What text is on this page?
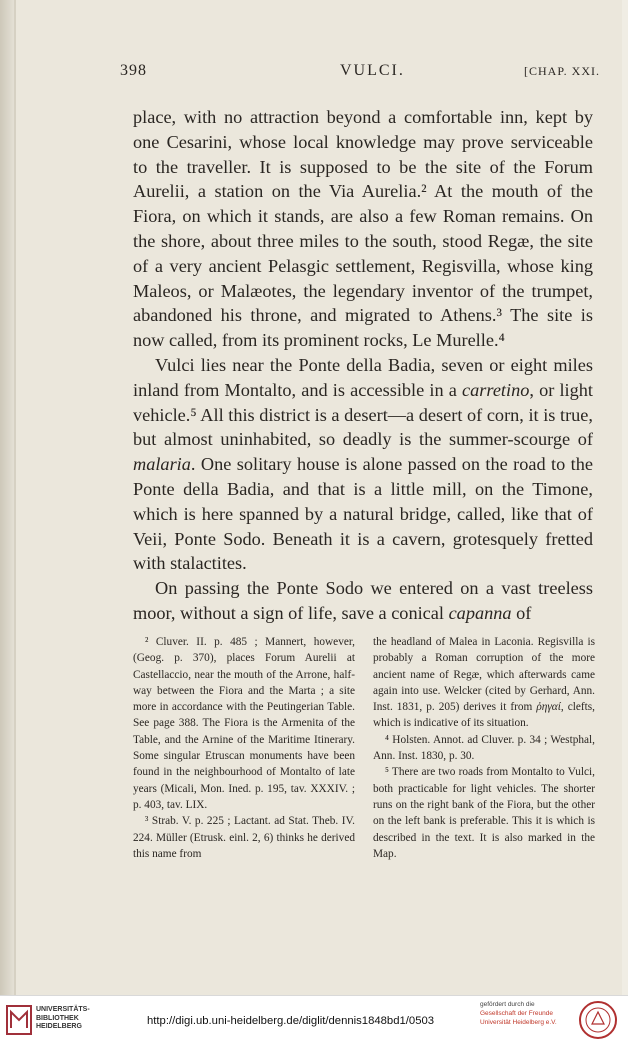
398	VULCI.	[CHAP. XXI.

place, with no attraction beyond a comfortable inn, kept by one Cesarini, whose local knowledge may prove serviceable to the traveller. It is supposed to be the site of the Forum Aurelii, a station on the Via Aurelia.² At the mouth of the Fiora, on which it stands, are also a few Roman remains. On the shore, about three miles to the south, stood Regæ, the site of a very ancient Pelasgic settlement, Regisvilla, whose king Maleos, or Malæotes, the legendary inventor of the trumpet, abandoned his throne, and migrated to Athens.³ The site is now called, from its prominent rocks, Le Murelle.⁴

Vulci lies near the Ponte della Badia, seven or eight miles inland from Montalto, and is accessible in a carretino, or light vehicle.⁵ All this district is a desert—a desert of corn, it is true, but almost uninhabited, so deadly is the summer-scourge of malaria. One solitary house is alone passed on the road to the Ponte della Badia, and that is a little mill, on the Timone, which is here spanned by a natural bridge, called, like that of Veii, Ponte Sodo. Beneath it is a cavern, grotesquely fretted with stalactites.

On passing the Ponte Sodo we entered on a vast treeless moor, without a sign of life, save a conical capanna of

² Cluver. II. p. 485 ; Mannert, however, (Geog. p. 370), places Forum Aurelii at Castellaccio, near the mouth of the Arrone, half-way between the Fiora and the Marta ; a site more in accordance with the Peutingerian Table. See page 388. The Fiora is the Armenita of the Table, and the Arnine of the Maritime Itinerary. Some singular Etruscan monuments have been found in the neighbourhood of Montalto of late years (Micali, Mon. Ined. p. 195, tav. XXXIV. ; p. 403, tav. LIX.

³ Strab. V. p. 225 ; Lactant. ad Stat. Theb. IV. 224. Müller (Etrusk. einl. 2, 6) thinks he derived this name from

the headland of Malea in Laconia. Regisvilla is probably a Roman corruption of the more ancient name of Regæ, which afterwards came again into use. Welcker (cited by Gerhard, Ann. Inst. 1831, p. 205) derives it from ῥηγαί, clefts, which is indicative of its situation.

⁴ Holsten. Annot. ad Cluver. p. 34 ; Westphal, Ann. Inst. 1830, p. 30.

⁵ There are two roads from Montalto to Vulci, both practicable for light vehicles. The shorter runs on the right bank of the Fiora, but the other on the left bank is preferable. This it is which is described in the text. It is also marked in the Map.

UNIVERSITÄTS-
BIBLIOTHEK
HEIDELBERG	http://digi.ub.uni-heidelberg.de/diglit/dennis1848bd1/0503
gefördert durch die
Gesellschaft der Freunde
Universität Heidelberg e.V.
